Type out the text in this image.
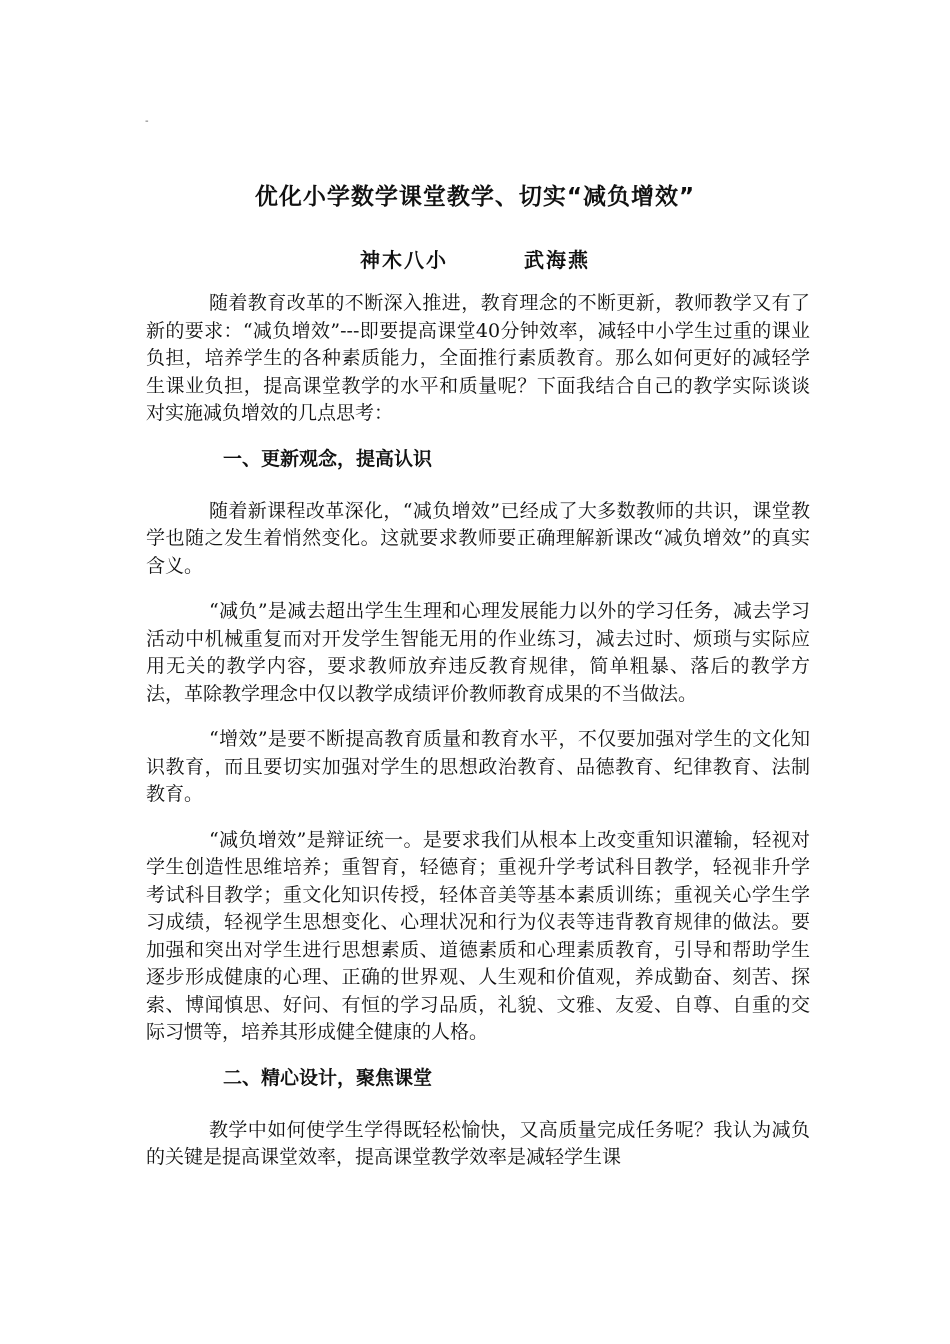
-
优化小学数学课堂教学、切实“减负增效”
神木八小	武海燕

随着教育改革的不断深入推进，教育理念的不断更新，教师教学又有了新的要求：“减负增效”---即要提高课堂40分钟效率，减轻中小学生过重的课业负担，培养学生的各种素质能力，全面推行素质教育。那么如何更好的减轻学生课业负担，提高课堂教学的水平和质量呢？下面我结合自己的教学实际谈谈对实施减负增效的几点思考：

一、更新观念，提高认识

随着新课程改革深化，“减负增效”已经成了大多数教师的共识，课堂教学也随之发生着悄然变化。这就要求教师要正确理解新课改“减负增效”的真实含义。

“减负”是减去超出学生生理和心理发展能力以外的学习任务，减去学习活动中机械重复而对开发学生智能无用的作业练习，减去过时、烦琐与实际应用无关的教学内容，要求教师放弃违反教育规律，简单粗暴、落后的教学方法，革除教学理念中仅以教学成绩评价教师教育成果的不当做法。

“增效”是要不断提高教育质量和教育水平，不仅要加强对学生的文化知识教育，而且要切实加强对学生的思想政治教育、品德教育、纪律教育、法制教育。

“减负增效”是辩证统一。是要求我们从根本上改变重知识灌输，轻视对学生创造性思维培养；重智育，轻德育；重视升学考试科目教学，轻视非升学考试科目教学；重文化知识传授，轻体音美等基本素质训练；重视关心学生学习成绩，轻视学生思想变化、心理状况和行为仪表等违背教育规律的做法。要加强和突出对学生进行思想素质、道德素质和心理素质教育，引导和帮助学生逐步形成健康的心理、正确的世界观、人生观和价值观，养成勤奋、刻苦、探索、博闻慎思、好问、有恒的学习品质，礼貌、文雅、友爱、自尊、自重的交际习惯等，培养其形成健全健康的人格。

二、精心设计，聚焦课堂

教学中如何使学生学得既轻松愉快，又高质量完成任务呢？我认为减负的关键是提高课堂效率，提高课堂教学效率是减轻学生课
